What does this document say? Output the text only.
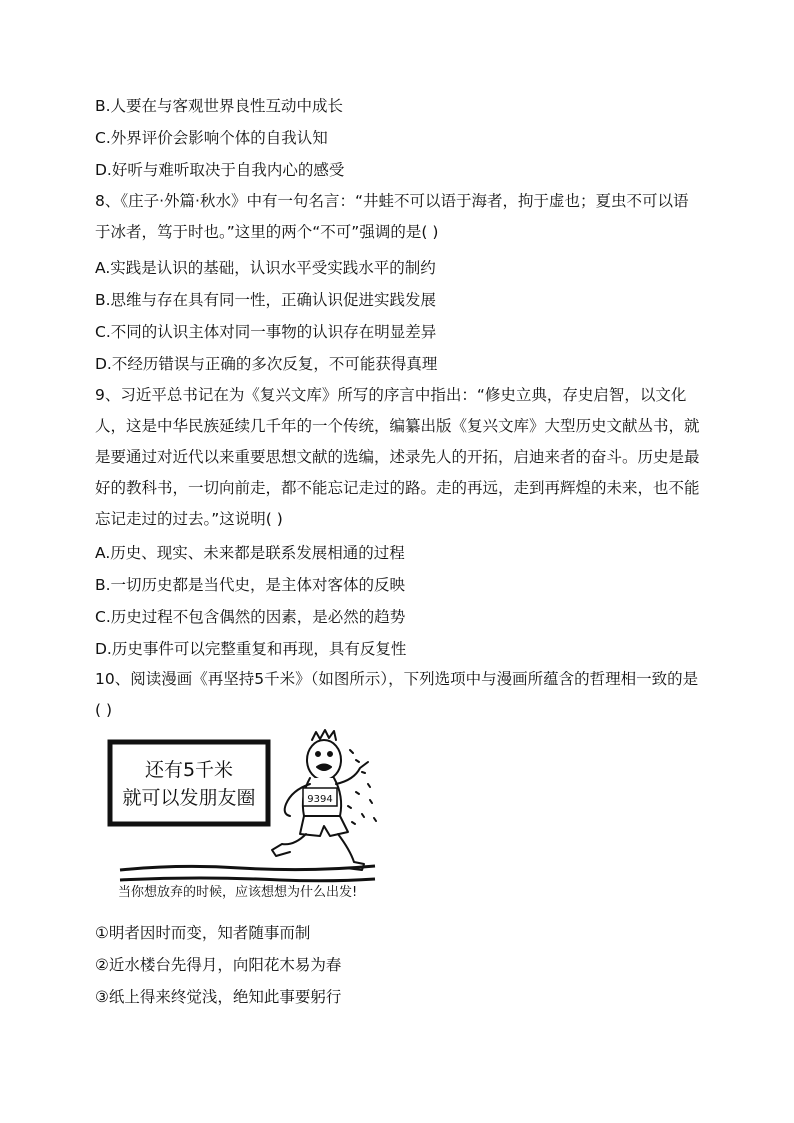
B.人要在与客观世界良性互动中成长
C.外界评价会影响个体的自我认知
D.好听与难听取决于自我内心的感受
8、《庄子·外篇·秋水》中有一句名言：“井蛙不可以语于海者，拘于虚也；夏虫不可以语于冰者，笃于时也。”这里的两个“不可”强调的是( )
A.实践是认识的基础，认识水平受实践水平的制约
B.思维与存在具有同一性，正确认识促进实践发展
C.不同的认识主体对同一事物的认识存在明显差异
D.不经历错误与正确的多次反复，不可能获得真理
9、习近平总书记在为《复兴文库》所写的序言中指出：“修史立典，存史启智，以文化人，这是中华民族延续几千年的一个传统，编纂出版《复兴文库》大型历史文献丛书，就是要通过对近代以来重要思想文献的选编，述录先人的开拓，启迪来者的奋斗。历史是最好的教科书，一切向前走，都不能忘记走过的路。走的再远，走到再辉煌的未来，也不能忘记走过的过去。”这说明( )
A.历史、现实、未来都是联系发展相通的过程
B.一切历史都是当代史，是主体对客体的反映
C.历史过程不包含偶然的因素，是必然的趋势
D.历史事件可以完整重复和再现，具有反复性
10、阅读漫画《再坚持5千米》（如图所示），下列选项中与漫画所蕴含的哲理相一致的是( )
还有5千米
就可以发朋友圈	9394
当你想放弃的时候，应该想想为什么出发!
①明者因时而变，知者随事而制
②近水楼台先得月，向阳花木易为春
③纸上得来终觉浅，绝知此事要躬行
